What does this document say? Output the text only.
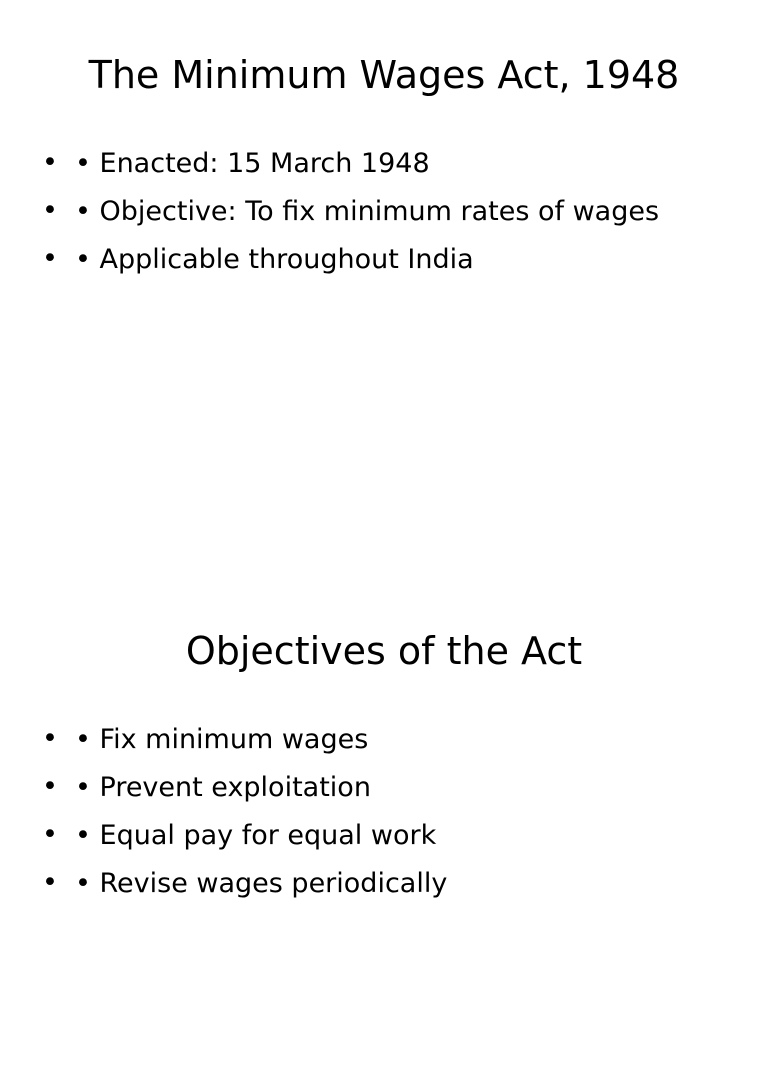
The Minimum Wages Act, 1948
• • Enacted: 15 March 1948
• • Objective: To fix minimum rates of wages
• • Applicable throughout India
Objectives of the Act
• • Fix minimum wages
• • Prevent exploitation
• • Equal pay for equal work
• • Revise wages periodically
